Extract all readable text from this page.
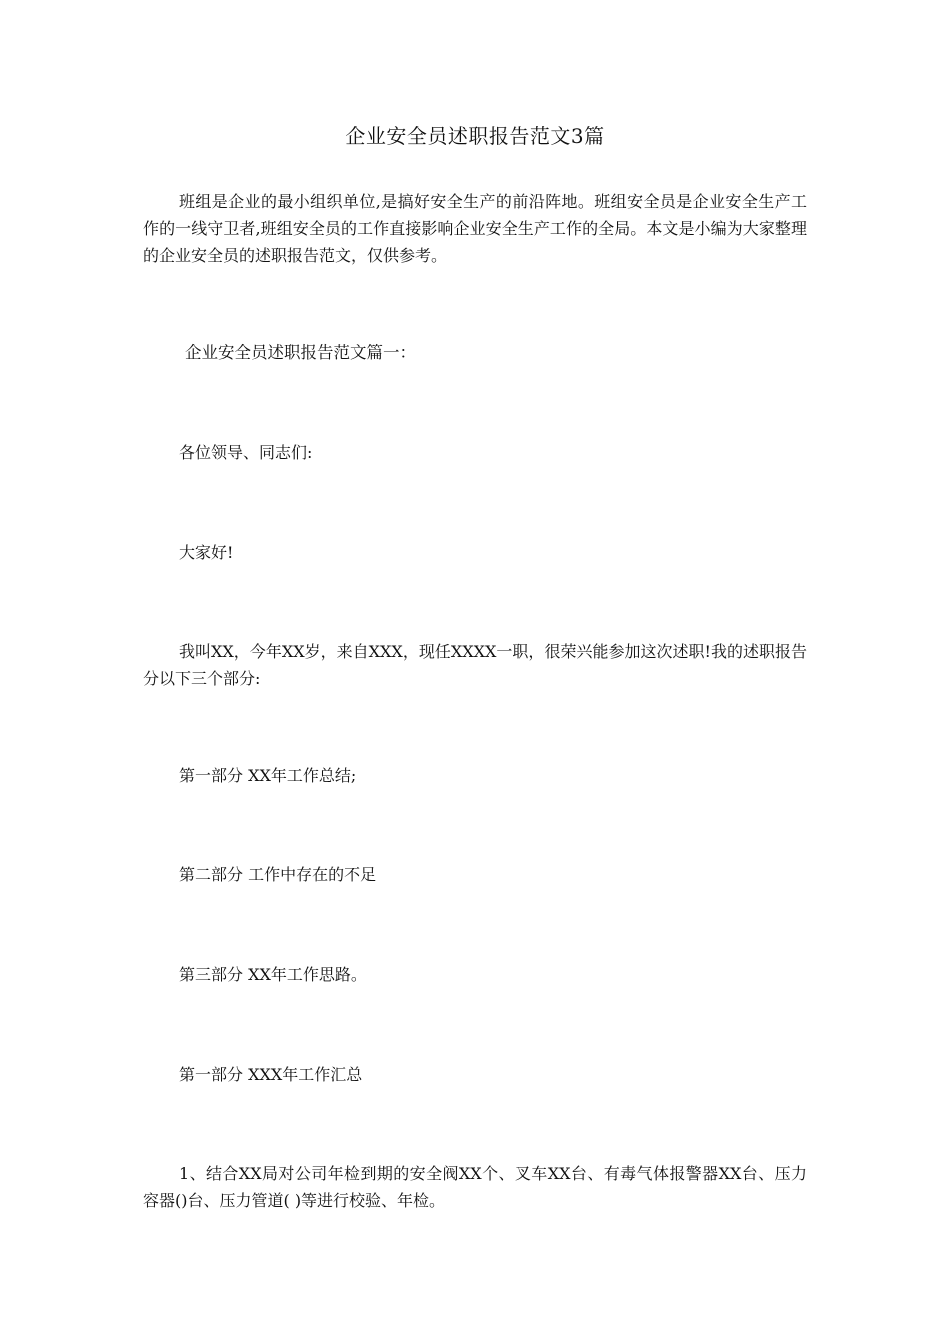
企业安全员述职报告范文3篇
班组是企业的最小组织单位,是搞好安全生产的前沿阵地。班组安全员是企业安全生产工作的一线守卫者,班组安全员的工作直接影响企业安全生产工作的全局。本文是小编为大家整理的企业安全员的述职报告范文，仅供参考。
企业安全员述职报告范文篇一：
各位领导、同志们:
大家好!
我叫XX，今年XX岁，来自XXX，现任XXXX一职，很荣兴能参加这次述职!我的述职报告分以下三个部分:
第一部分 XX年工作总结;
第二部分 工作中存在的不足
第三部分 XX年工作思路。
第一部分 XXX年工作汇总
1、结合XX局对公司年检到期的安全阀XX个、叉车XX台、有毒气体报警器XX台、压力容器()台、压力管道( )等进行校验、年检。
